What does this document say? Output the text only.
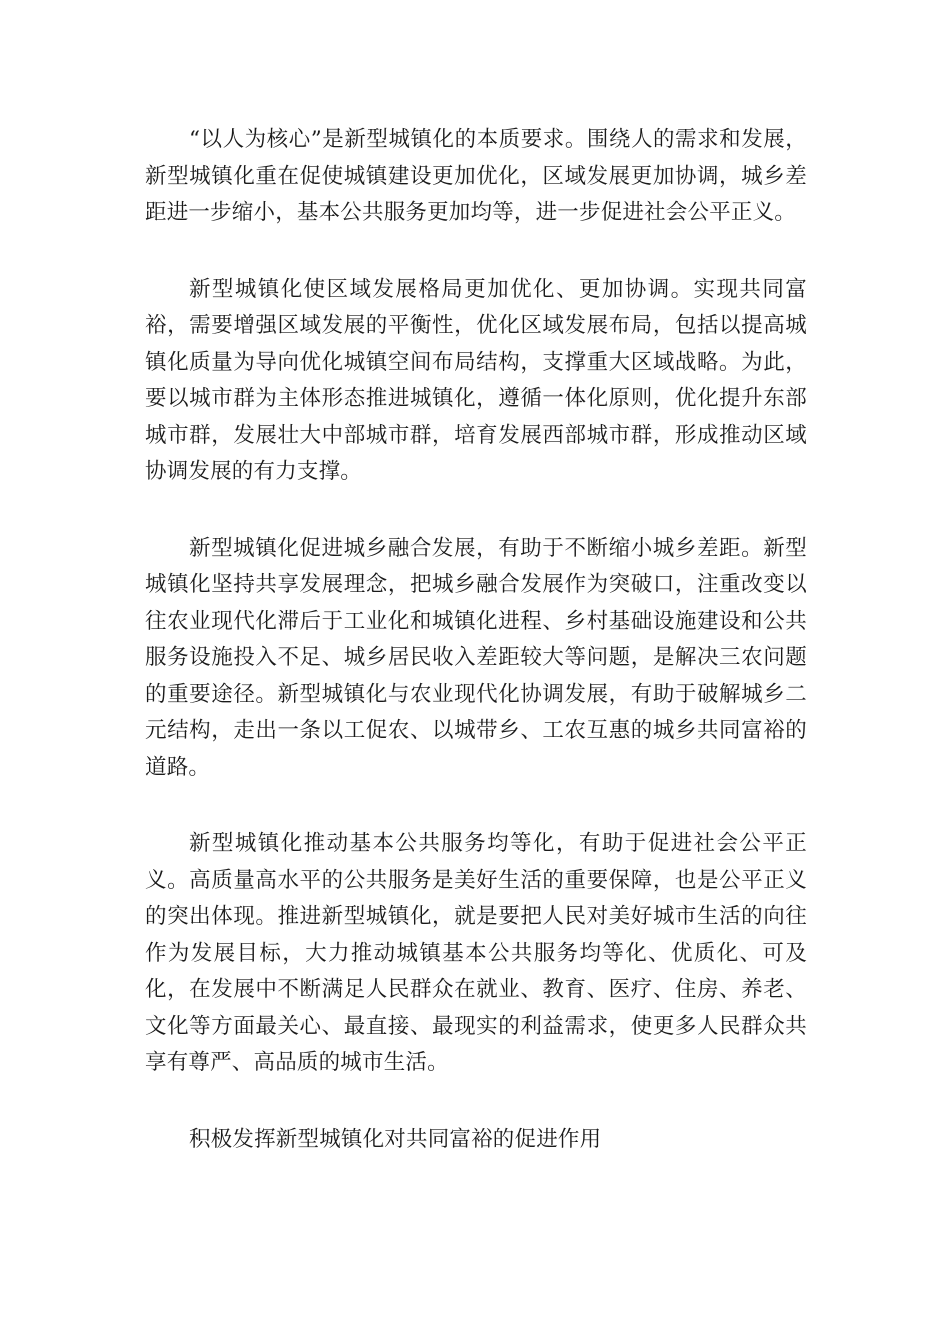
“以人为核心”是新型城镇化的本质要求。围绕人的需求和发展，新型城镇化重在促使城镇建设更加优化，区域发展更加协调，城乡差距进一步缩小，基本公共服务更加均等，进一步促进社会公平正义。

新型城镇化使区域发展格局更加优化、更加协调。实现共同富裕，需要增强区域发展的平衡性，优化区域发展布局，包括以提高城镇化质量为导向优化城镇空间布局结构，支撑重大区域战略。为此，要以城市群为主体形态推进城镇化，遵循一体化原则，优化提升东部城市群，发展壮大中部城市群，培育发展西部城市群，形成推动区域协调发展的有力支撑。

新型城镇化促进城乡融合发展，有助于不断缩小城乡差距。新型城镇化坚持共享发展理念，把城乡融合发展作为突破口，注重改变以往农业现代化滞后于工业化和城镇化进程、乡村基础设施建设和公共服务设施投入不足、城乡居民收入差距较大等问题，是解决三农问题的重要途径。新型城镇化与农业现代化协调发展，有助于破解城乡二元结构，走出一条以工促农、以城带乡、工农互惠的城乡共同富裕的道路。

新型城镇化推动基本公共服务均等化，有助于促进社会公平正义。高质量高水平的公共服务是美好生活的重要保障，也是公平正义的突出体现。推进新型城镇化，就是要把人民对美好城市生活的向往作为发展目标，大力推动城镇基本公共服务均等化、优质化、可及化，在发展中不断满足人民群众在就业、教育、医疗、住房、养老、文化等方面最关心、最直接、最现实的利益需求，使更多人民群众共享有尊严、高品质的城市生活。

积极发挥新型城镇化对共同富裕的促进作用
